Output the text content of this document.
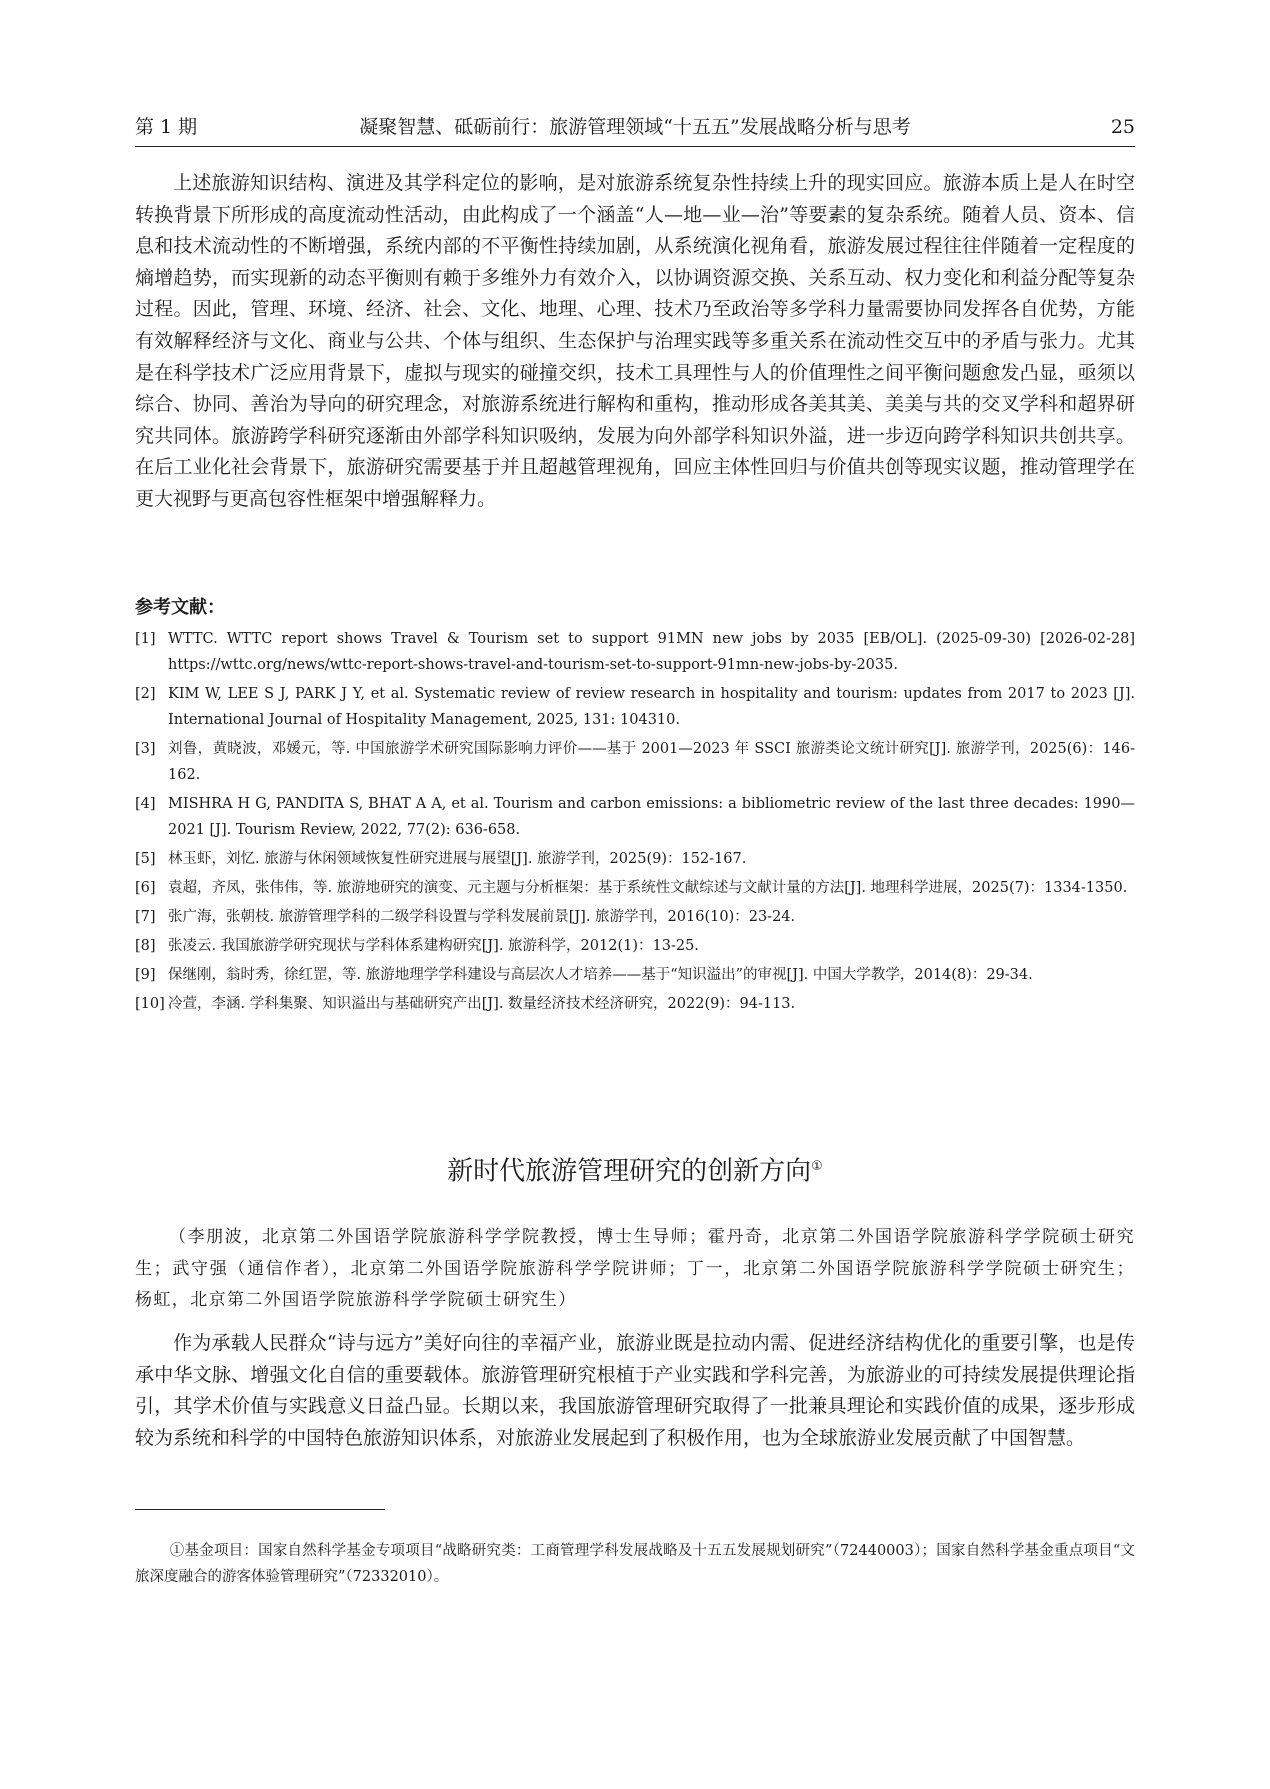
第 1 期	凝聚智慧、砥砺前行：旅游管理领域“十五五”发展战略分析与思考	25

上述旅游知识结构、演进及其学科定位的影响，是对旅游系统复杂性持续上升的现实回应。旅游本质上是人在时空转换背景下所形成的高度流动性活动，由此构成了一个涵盖“人—地—业—治”等要素的复杂系统。随着人员、资本、信息和技术流动性的不断增强，系统内部的不平衡性持续加剧，从系统演化视角看，旅游发展过程往往伴随着一定程度的熵增趋势，而实现新的动态平衡则有赖于多维外力有效介入，以协调资源交换、关系互动、权力变化和利益分配等复杂过程。因此，管理、环境、经济、社会、文化、地理、心理、技术乃至政治等多学科力量需要协同发挥各自优势，方能有效解释经济与文化、商业与公共、个体与组织、生态保护与治理实践等多重关系在流动性交互中的矛盾与张力。尤其是在科学技术广泛应用背景下，虚拟与现实的碰撞交织，技术工具理性与人的价值理性之间平衡问题愈发凸显，亟须以综合、协同、善治为导向的研究理念，对旅游系统进行解构和重构，推动形成各美其美、美美与共的交叉学科和超界研究共同体。旅游跨学科研究逐渐由外部学科知识吸纳，发展为向外部学科知识外溢，进一步迈向跨学科知识共创共享。在后工业化社会背景下，旅游研究需要基于并且超越管理视角，回应主体性回归与价值共创等现实议题，推动管理学在更大视野与更高包容性框架中增强解释力。

参考文献：
[1] WTTC. WTTC report shows Travel & Tourism set to support 91MN new jobs by 2035 [EB/OL]. (2025-09-30) [2026-02-28] https://wttc.org/news/wttc-report-shows-travel-and-tourism-set-to-support-91mn-new-jobs-by-2035.
[2] KIM W, LEE S J, PARK J Y, et al. Systematic review of review research in hospitality and tourism: updates from 2017 to 2023 [J]. International Journal of Hospitality Management, 2025, 131: 104310.
[3] 刘鲁，黄晓波，邓媛元，等. 中国旅游学术研究国际影响力评价——基于 2001—2023 年 SSCI 旅游类论文统计研究[J]. 旅游学刊，2025(6)：146-162.
[4] MISHRA H G, PANDITA S, BHAT A A, et al. Tourism and carbon emissions: a bibliometric review of the last three decades: 1990—2021 [J]. Tourism Review, 2022, 77(2): 636-658.
[5] 林玉虾，刘忆. 旅游与休闲领域恢复性研究进展与展望[J]. 旅游学刊，2025(9)：152-167.
[6] 袁超，齐凤，张伟伟，等. 旅游地研究的演变、元主题与分析框架：基于系统性文献综述与文献计量的方法[J]. 地理科学进展，2025(7)：1334-1350.
[7] 张广海，张朝枝. 旅游管理学科的二级学科设置与学科发展前景[J]. 旅游学刊，2016(10)：23-24.
[8] 张凌云. 我国旅游学研究现状与学科体系建构研究[J]. 旅游科学，2012(1)：13-25.
[9] 保继刚，翁时秀，徐红罡，等. 旅游地理学学科建设与高层次人才培养——基于“知识溢出”的审视[J]. 中国大学教学，2014(8)：29-34.
[10] 冷萱，李涵. 学科集聚、知识溢出与基础研究产出[J]. 数量经济技术经济研究，2022(9)：94-113.
新时代旅游管理研究的创新方向①

（李朋波，北京第二外国语学院旅游科学学院教授，博士生导师；霍丹奇，北京第二外国语学院旅游科学学院硕士研究生；武守强（通信作者），北京第二外国语学院旅游科学学院讲师；丁一，北京第二外国语学院旅游科学学院硕士研究生；杨虹，北京第二外国语学院旅游科学学院硕士研究生）

作为承载人民群众“诗与远方”美好向往的幸福产业，旅游业既是拉动内需、促进经济结构优化的重要引擎，也是传承中华文脉、增强文化自信的重要载体。旅游管理研究根植于产业实践和学科完善，为旅游业的可持续发展提供理论指引，其学术价值与实践意义日益凸显。长期以来，我国旅游管理研究取得了一批兼具理论和实践价值的成果，逐步形成较为系统和科学的中国特色旅游知识体系，对旅游业发展起到了积极作用，也为全球旅游业发展贡献了中国智慧。

①基金项目：国家自然科学基金专项项目“战略研究类：工商管理学科发展战略及十五五发展规划研究”（72440003）；国家自然科学基金重点项目“文旅深度融合的游客体验管理研究”（72332010）。
